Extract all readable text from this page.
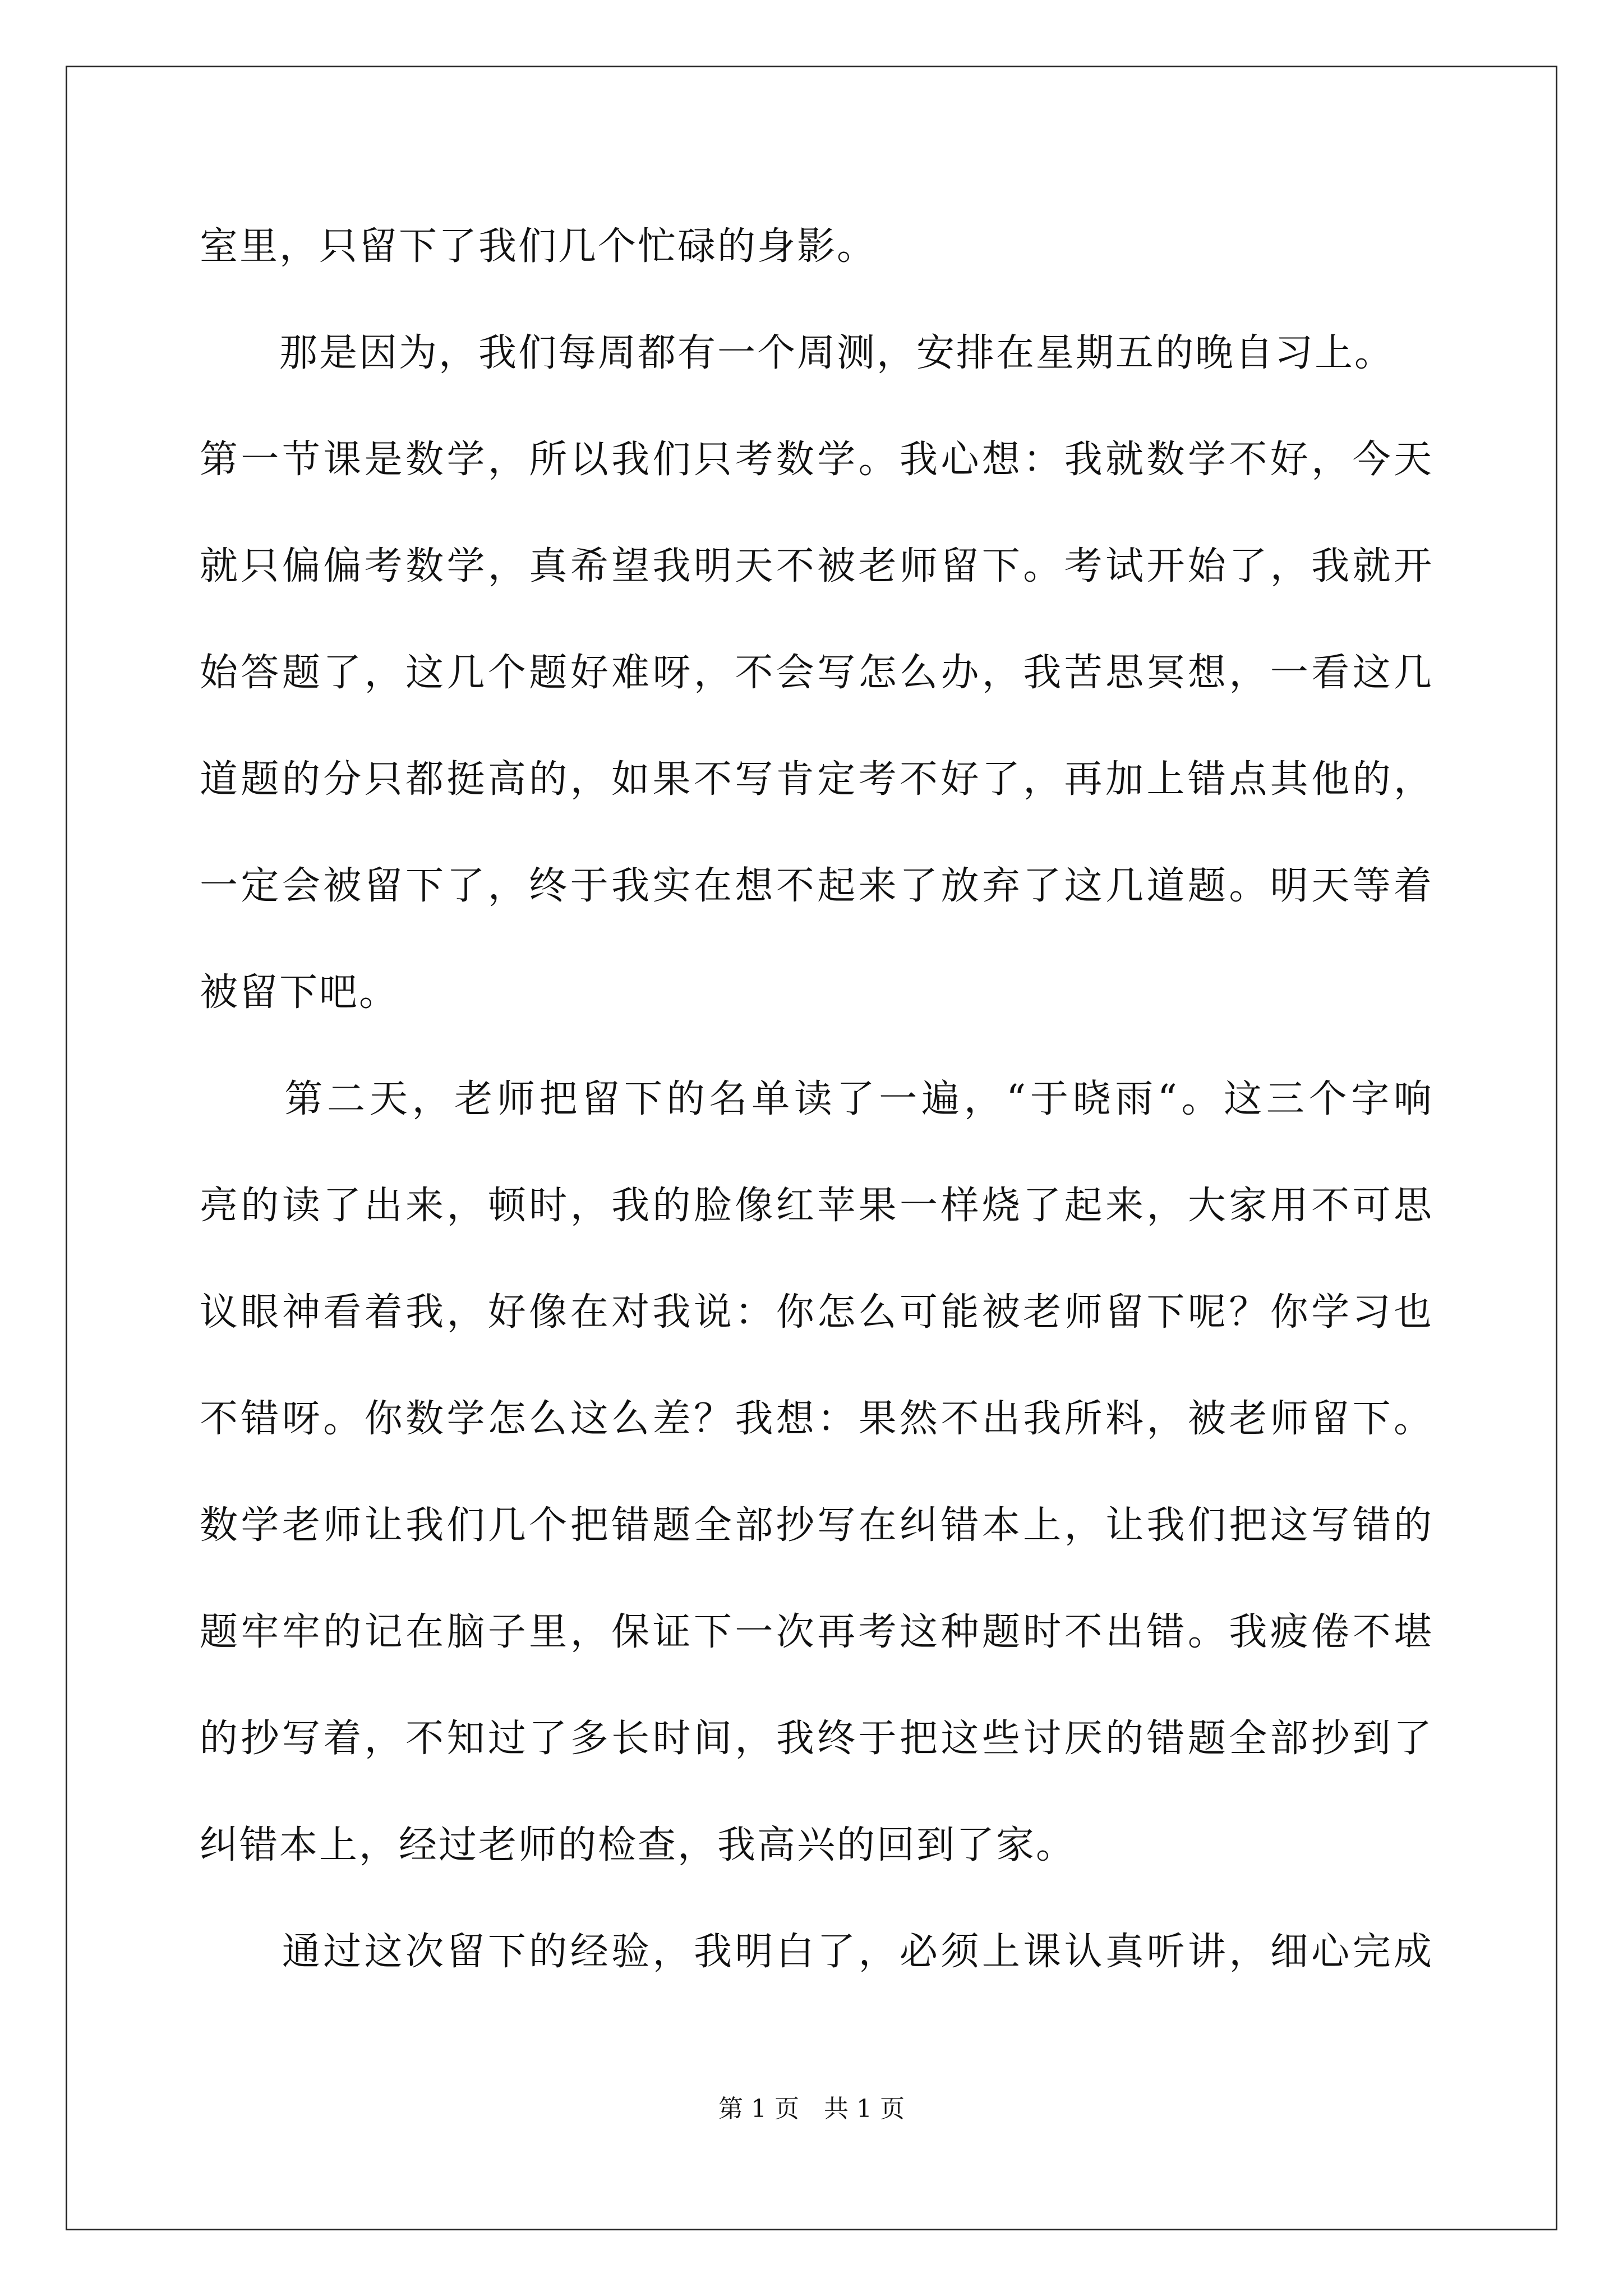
室里，只留下了我们几个忙碌的身影。
　　那是因为，我们每周都有一个周测，安排在星期五的晚自习上。
第一节课是数学，所以我们只考数学。我心想：我就数学不好，今天
就只偏偏考数学，真希望我明天不被老师留下。考试开始了，我就开
始答题了，这几个题好难呀，不会写怎么办，我苦思冥想，一看这几
道题的分只都挺高的，如果不写肯定考不好了，再加上错点其他的，
一定会被留下了，终于我实在想不起来了放弃了这几道题。明天等着
被留下吧。
　　第二天，老师把留下的名单读了一遍，“于晓雨“。这三个字响
亮的读了出来，顿时，我的脸像红苹果一样烧了起来，大家用不可思
议眼神看着我，好像在对我说：你怎么可能被老师留下呢？你学习也
不错呀。你数学怎么这么差？我想：果然不出我所料，被老师留下。
数学老师让我们几个把错题全部抄写在纠错本上，让我们把这写错的
题牢牢的记在脑子里，保证下一次再考这种题时不出错。我疲倦不堪
的抄写着，不知过了多长时间，我终于把这些讨厌的错题全部抄到了
纠错本上，经过老师的检查，我高兴的回到了家。
　　通过这次留下的经验，我明白了，必须上课认真听讲，细心完成
第 1 页　共 1 页
